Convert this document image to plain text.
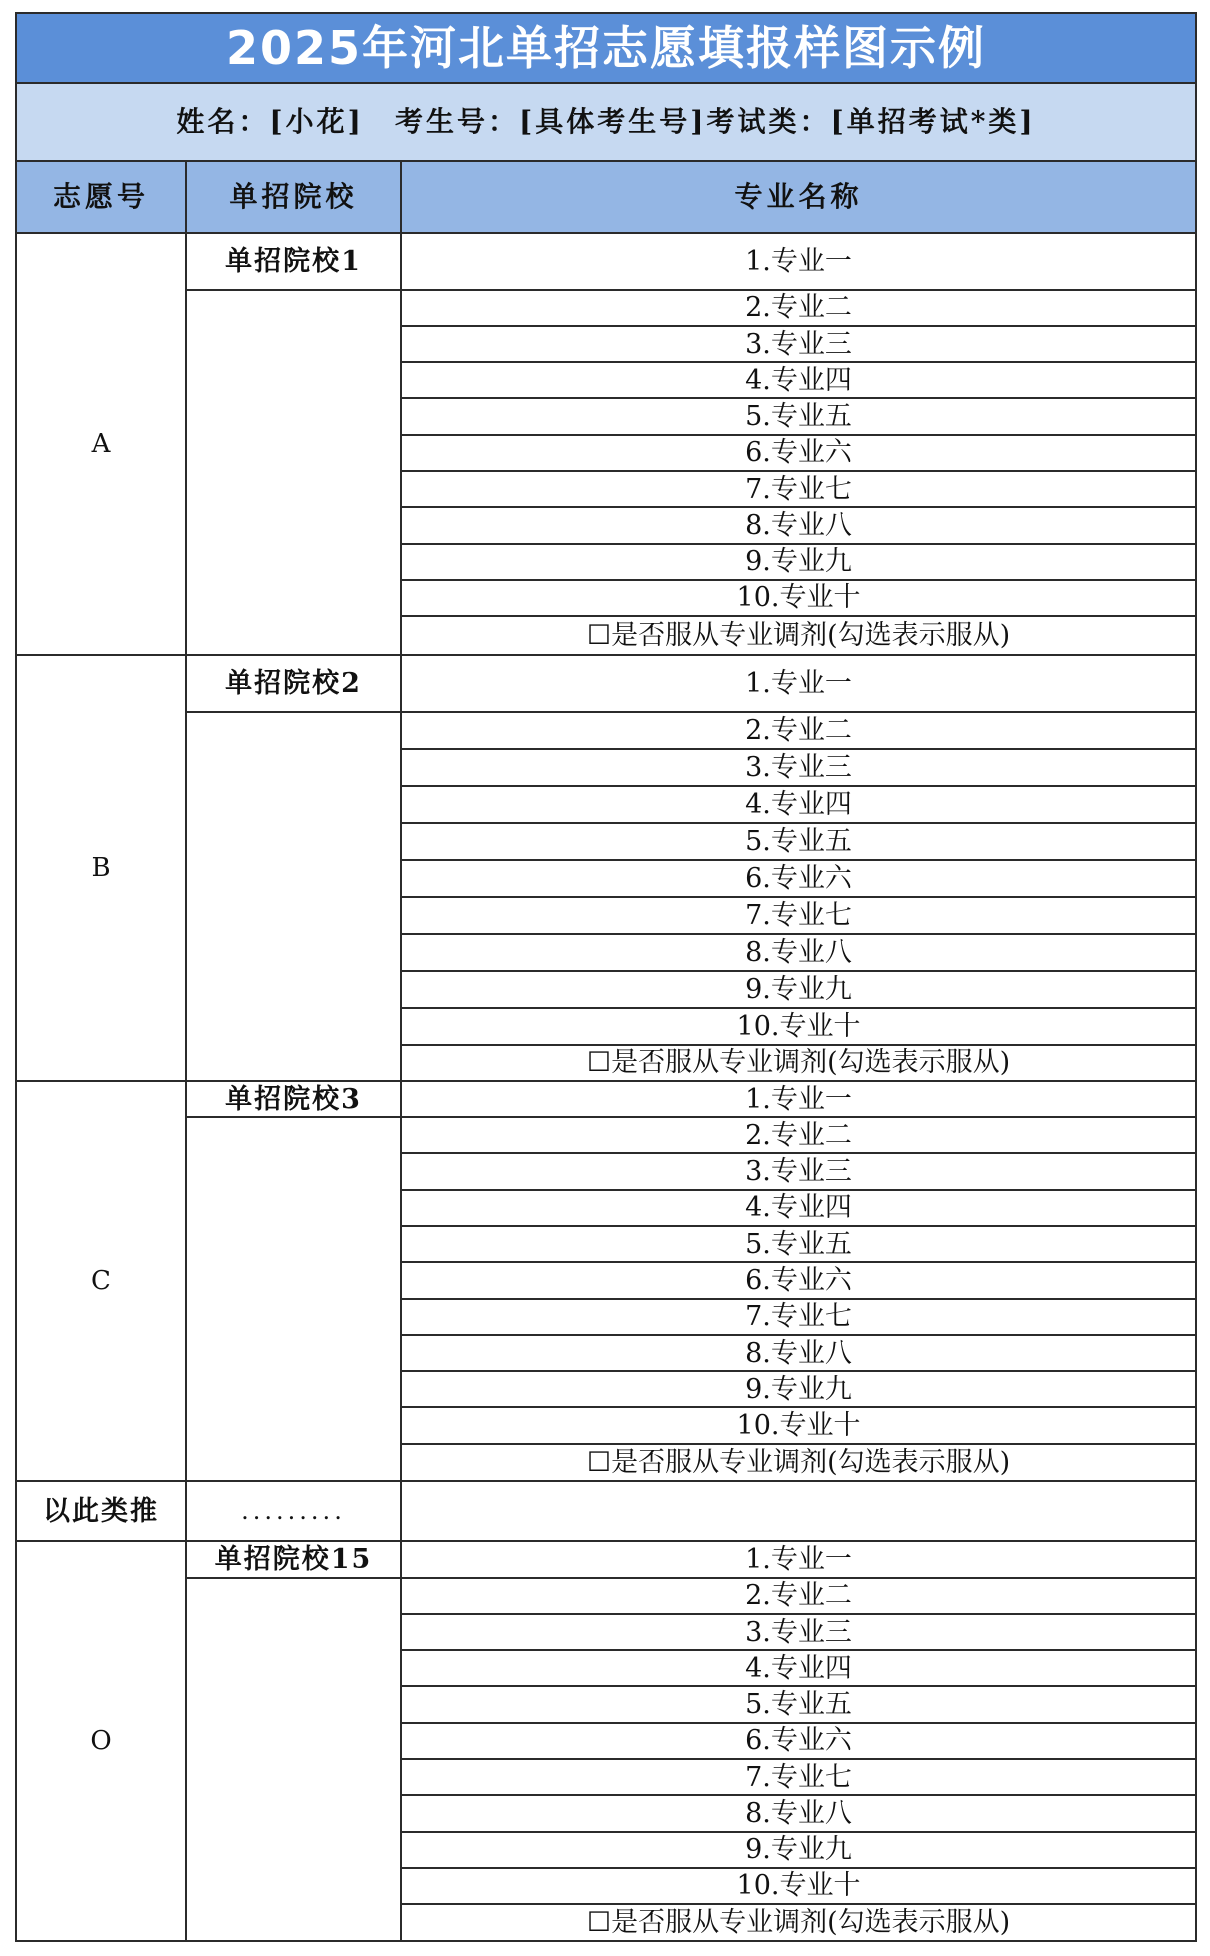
2025年河北单招志愿填报样图示例		
姓名：[小花]　 考生号：[具体考生号]考试类：[单招考试*类]		
志愿号	单招院校	专业名称
A	单招院校1	1.专业一
		2.专业二
		3.专业三
		4.专业四
		5.专业五
		6.专业六
		7.专业七
		8.专业八
		9.专业九
		10.专业十
		☐是否服从专业调剂(勾选表示服从)
B	单招院校2	1.专业一
		2.专业二
		3.专业三
		4.专业四
		5.专业五
		6.专业六
		7.专业七
		8.专业八
		9.专业九
		10.专业十
		☐是否服从专业调剂(勾选表示服从)
C	单招院校3	1.专业一
		2.专业二
		3.专业三
		4.专业四
		5.专业五
		6.专业六
		7.专业七
		8.专业八
		9.专业九
		10.专业十
		☐是否服从专业调剂(勾选表示服从)
以此类推	.........	
O	单招院校15	1.专业一
		2.专业二
		3.专业三
		4.专业四
		5.专业五
		6.专业六
		7.专业七
		8.专业八
		9.专业九
		10.专业十
		☐是否服从专业调剂(勾选表示服从)
